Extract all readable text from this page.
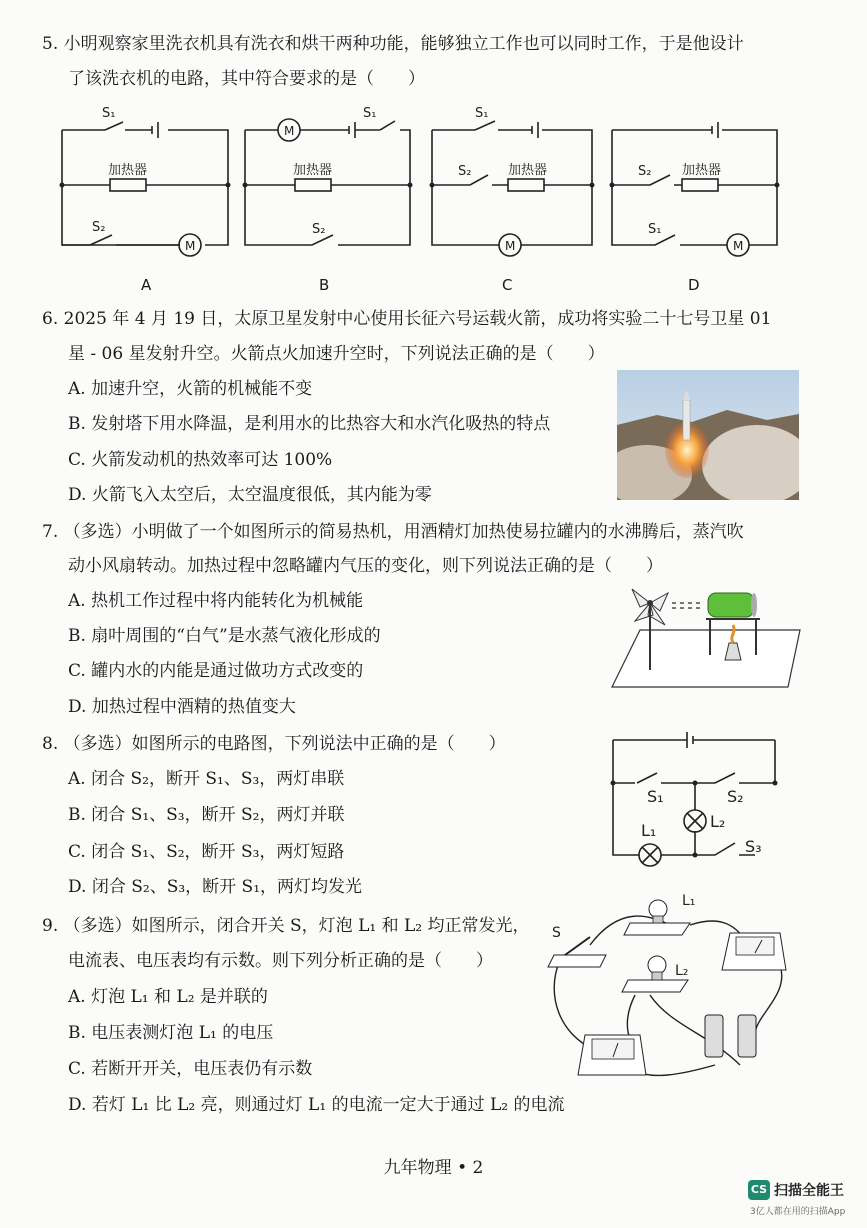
5. 小明观察家里洗衣机具有洗衣和烘干两种功能，能够独立工作也可以同时工作，于是他设计
了该洗衣机的电路，其中符合要求的是（　　）
加热器	加热器	加热器	加热器
S₁
S₂
S₁
S₂
S₁
S₂	S₂
S₁
M
M
M	M
A	B	C	D
6. 2025 年 4 月 19 日，太原卫星发射中心使用长征六号运载火箭，成功将实验二十七号卫星 01
星 - 06 星发射升空。火箭点火加速升空时，下列说法正确的是（　　）
A. 加速升空，火箭的机械能不变
B. 发射塔下用水降温，是利用水的比热容大和水汽化吸热的特点
C. 火箭发动机的热效率可达 100%
D. 火箭飞入太空后，太空温度很低，其内能为零
7. （多选）小明做了一个如图所示的简易热机，用酒精灯加热使易拉罐内的水沸腾后，蒸汽吹
动小风扇转动。加热过程中忽略罐内气压的变化，则下列说法正确的是（　　）
A. 热机工作过程中将内能转化为机械能
B. 扇叶周围的“白气”是水蒸气液化形成的
C. 罐内水的内能是通过做功方式改变的
D. 加热过程中酒精的热值变大
8. （多选）如图所示的电路图，下列说法中正确的是（　　）
A. 闭合 S₂，断开 S₁、S₃，两灯串联
B. 闭合 S₁、S₃，断开 S₂，两灯并联
C. 闭合 S₁、S₂，断开 S₃，两灯短路
D. 闭合 S₂、S₃，断开 S₁，两灯均发光
S₁	S₂
S₃
L₁	L₂
9. （多选）如图所示，闭合开关 S，灯泡 L₁ 和 L₂ 均正常发光，
电流表、电压表均有示数。则下列分析正确的是（　　）
A. 灯泡 L₁ 和 L₂ 是并联的
B. 电压表测灯泡 L₁ 的电压
C. 若断开开关，电压表仍有示数
D. 若灯 L₁ 比 L₂ 亮，则通过灯 L₁ 的电流一定大于通过 L₂ 的电流
S
L₁
L₂
九年物理 • 2
CS 扫描全能王
3亿人都在用的扫描App
